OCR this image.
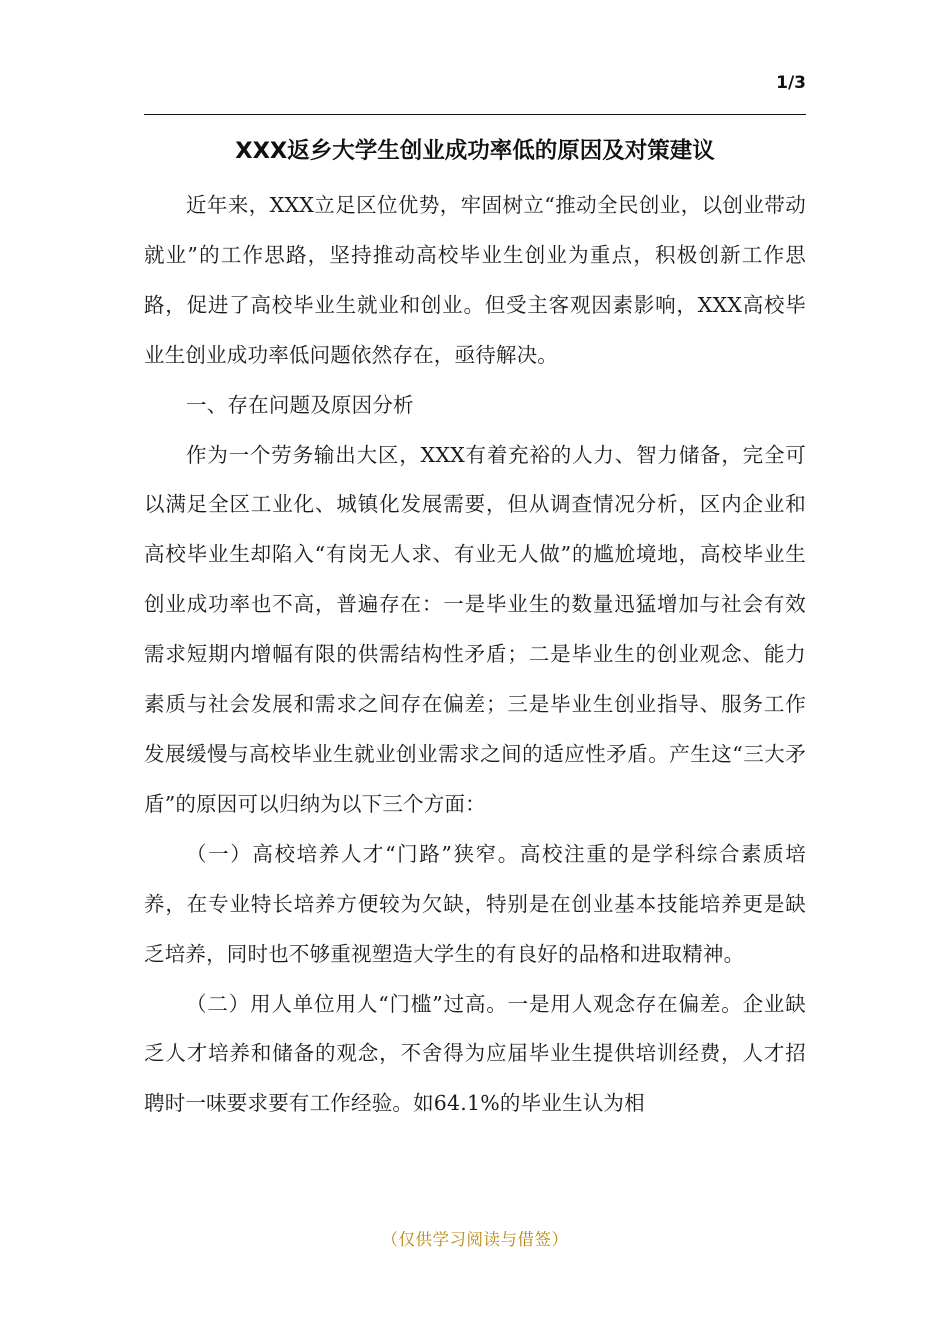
1/3
XXX返乡大学生创业成功率低的原因及对策建议

近年来，XXX立足区位优势，牢固树立“推动全民创业，以创业带动就业”的工作思路，坚持推动高校毕业生创业为重点，积极创新工作思路，促进了高校毕业生就业和创业。但受主客观因素影响，XXX高校毕业生创业成功率低问题依然存在，亟待解决。

一、存在问题及原因分析

作为一个劳务输出大区，XXX有着充裕的人力、智力储备，完全可以满足全区工业化、城镇化发展需要，但从调查情况分析，区内企业和高校毕业生却陷入“有岗无人求、有业无人做”的尴尬境地，高校毕业生创业成功率也不高，普遍存在：一是毕业生的数量迅猛增加与社会有效需求短期内增幅有限的供需结构性矛盾；二是毕业生的创业观念、能力素质与社会发展和需求之间存在偏差；三是毕业生创业指导、服务工作发展缓慢与高校毕业生就业创业需求之间的适应性矛盾。产生这“三大矛盾”的原因可以归纳为以下三个方面：

（一）高校培养人才“门路”狭窄。高校注重的是学科综合素质培养，在专业特长培养方便较为欠缺，特别是在创业基本技能培养更是缺乏培养，同时也不够重视塑造大学生的有良好的品格和进取精神。

（二）用人单位用人“门槛”过高。一是用人观念存在偏差。企业缺乏人才培养和储备的观念，不舍得为应届毕业生提供培训经费，人才招聘时一味要求要有工作经验。如64.1%的毕业生认为相

（仅供学习阅读与借签）
